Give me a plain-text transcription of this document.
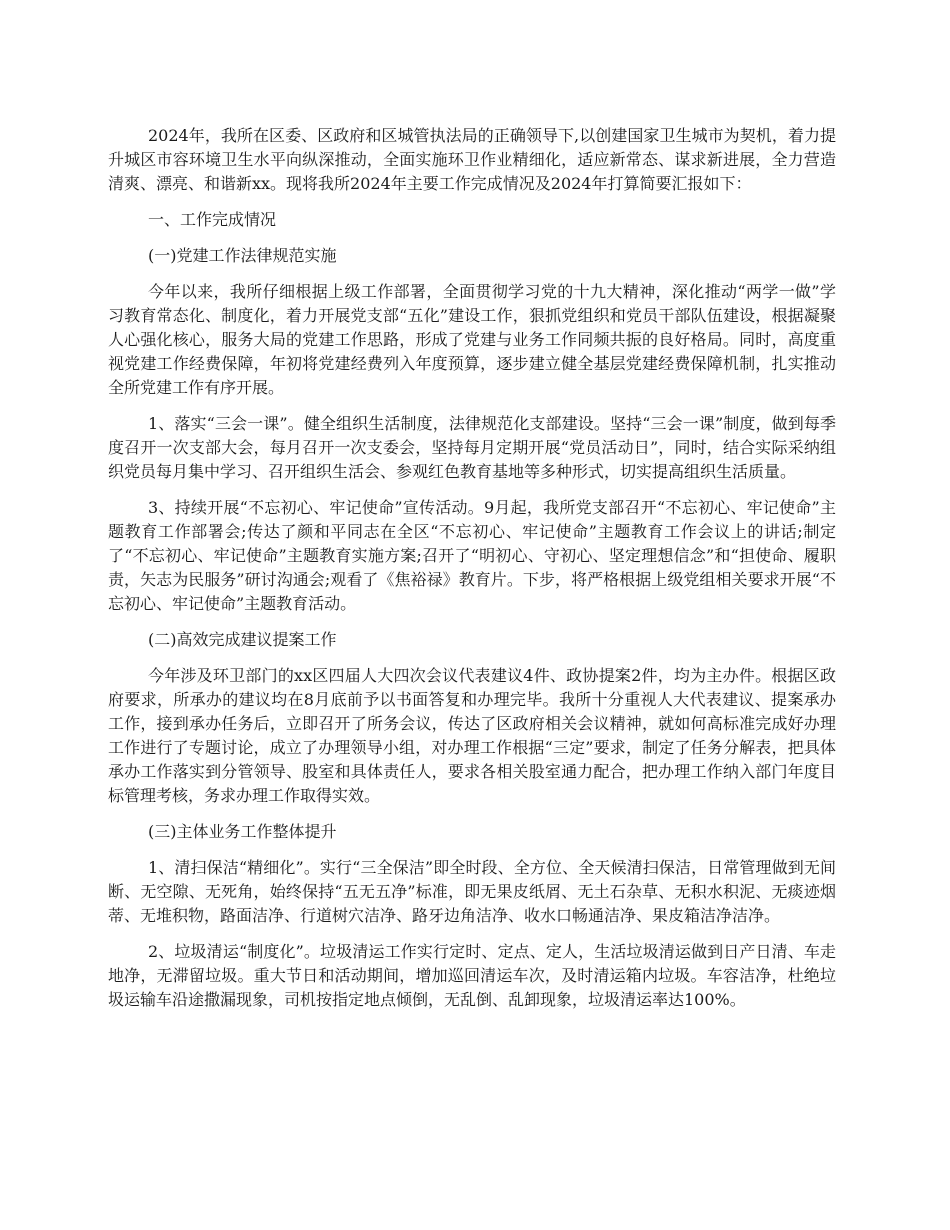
2024年，我所在区委、区政府和区城管执法局的正确领导下,以创建国家卫生城市为契机，着力提升城区市容环境卫生水平向纵深推动，全面实施环卫作业精细化，适应新常态、谋求新进展，全力营造清爽、漂亮、和谐新xx。现将我所2024年主要工作完成情况及2024年打算简要汇报如下：

一、工作完成情况

(一)党建工作法律规范实施

今年以来，我所仔细根据上级工作部署，全面贯彻学习党的十九大精神，深化推动“两学一做”学习教育常态化、制度化，着力开展党支部“五化”建设工作，狠抓党组织和党员干部队伍建设，根据凝聚人心强化核心，服务大局的党建工作思路，形成了党建与业务工作同频共振的良好格局。同时，高度重视党建工作经费保障，年初将党建经费列入年度预算，逐步建立健全基层党建经费保障机制，扎实推动全所党建工作有序开展。

1、落实“三会一课”。健全组织生活制度，法律规范化支部建设。坚持“三会一课”制度，做到每季度召开一次支部大会，每月召开一次支委会，坚持每月定期开展“党员活动日”，同时，结合实际采纳组织党员每月集中学习、召开组织生活会、参观红色教育基地等多种形式，切实提高组织生活质量。

3、持续开展“不忘初心、牢记使命”宣传活动。9月起，我所党支部召开“不忘初心、牢记使命”主题教育工作部署会;传达了颜和平同志在全区“不忘初心、牢记使命”主题教育工作会议上的讲话;制定了“不忘初心、牢记使命”主题教育实施方案;召开了“明初心、守初心、坚定理想信念”和“担使命、履职责，矢志为民服务”研讨沟通会;观看了《焦裕禄》教育片。下步，将严格根据上级党组相关要求开展“不忘初心、牢记使命”主题教育活动。

(二)高效完成建议提案工作

今年涉及环卫部门的xx区四届人大四次会议代表建议4件、政协提案2件，均为主办件。根据区政府要求，所承办的建议均在8月底前予以书面答复和办理完毕。我所十分重视人大代表建议、提案承办工作，接到承办任务后，立即召开了所务会议，传达了区政府相关会议精神，就如何高标准完成好办理工作进行了专题讨论，成立了办理领导小组，对办理工作根据“三定”要求，制定了任务分解表，把具体承办工作落实到分管领导、股室和具体责任人，要求各相关股室通力配合，把办理工作纳入部门年度目标管理考核，务求办理工作取得实效。

(三)主体业务工作整体提升

1、清扫保洁“精细化”。实行“三全保洁”即全时段、全方位、全天候清扫保洁，日常管理做到无间断、无空隙、无死角，始终保持“五无五净”标准，即无果皮纸屑、无土石杂草、无积水积泥、无痰迹烟蒂、无堆积物，路面洁净、行道树穴洁净、路牙边角洁净、收水口畅通洁净、果皮箱洁净洁净。

2、垃圾清运“制度化”。垃圾清运工作实行定时、定点、定人，生活垃圾清运做到日产日清、车走地净，无滞留垃圾。重大节日和活动期间，增加巡回清运车次，及时清运箱内垃圾。车容洁净，杜绝垃圾运输车沿途撒漏现象，司机按指定地点倾倒，无乱倒、乱卸现象，垃圾清运率达100%。
